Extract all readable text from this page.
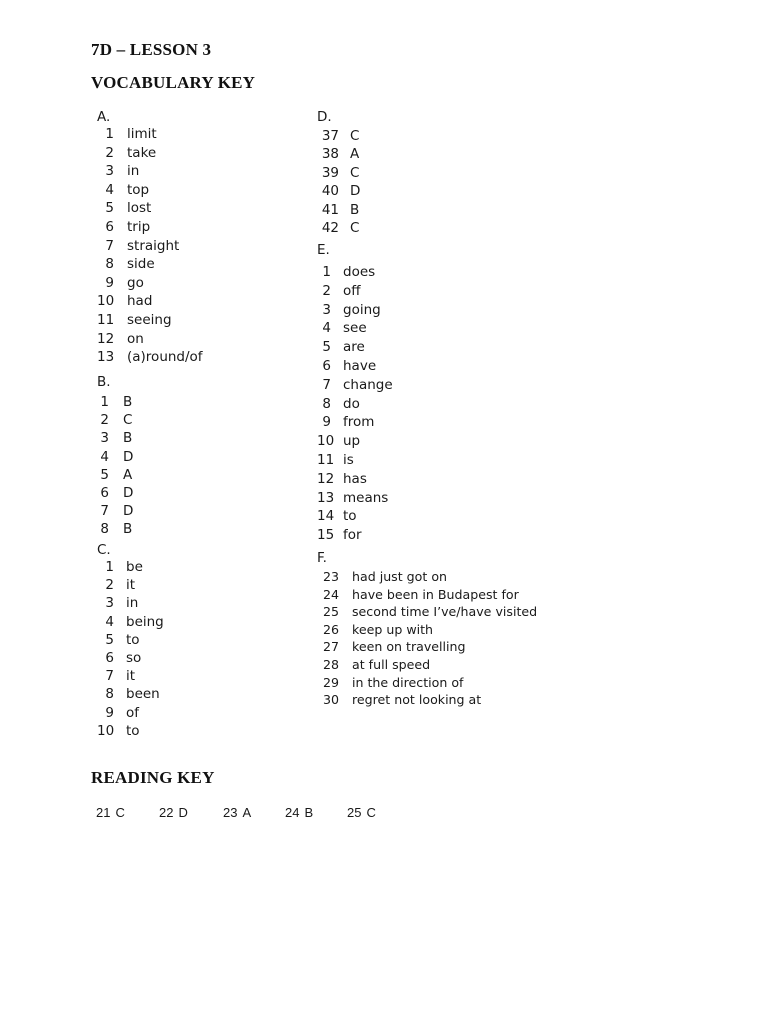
7D – LESSON 3
VOCABULARY KEY
A.
1 limit
2 take
3 in
4 top
5 lost
6 trip
7 straight
8 side
9 go
10 had
11 seeing
12 on
13 (a)round/of
B.
1 B
2 C
3 B
4 D
5 A
6 D
7 D
8 B
C.
1 be
2 it
3 in
4 being
5 to
6 so
7 it
8 been
9 of
10 to
D.
37 C
38 A
39 C
40 D
41 B
42 C
E.
1 does
2 off
3 going
4 see
5 are
6 have
7 change
8 do
9 from
10 up
11 is
12 has
13 means
14 to
15 for
F.
23 had just got on
24 have been in Budapest for
25 second time I’ve/have visited
26 keep up with
27 keen on travelling
28 at full speed
29 in the direction of
30 regret not looking at
READING KEY
21 C	22 D	23 A	24 B	25 C
